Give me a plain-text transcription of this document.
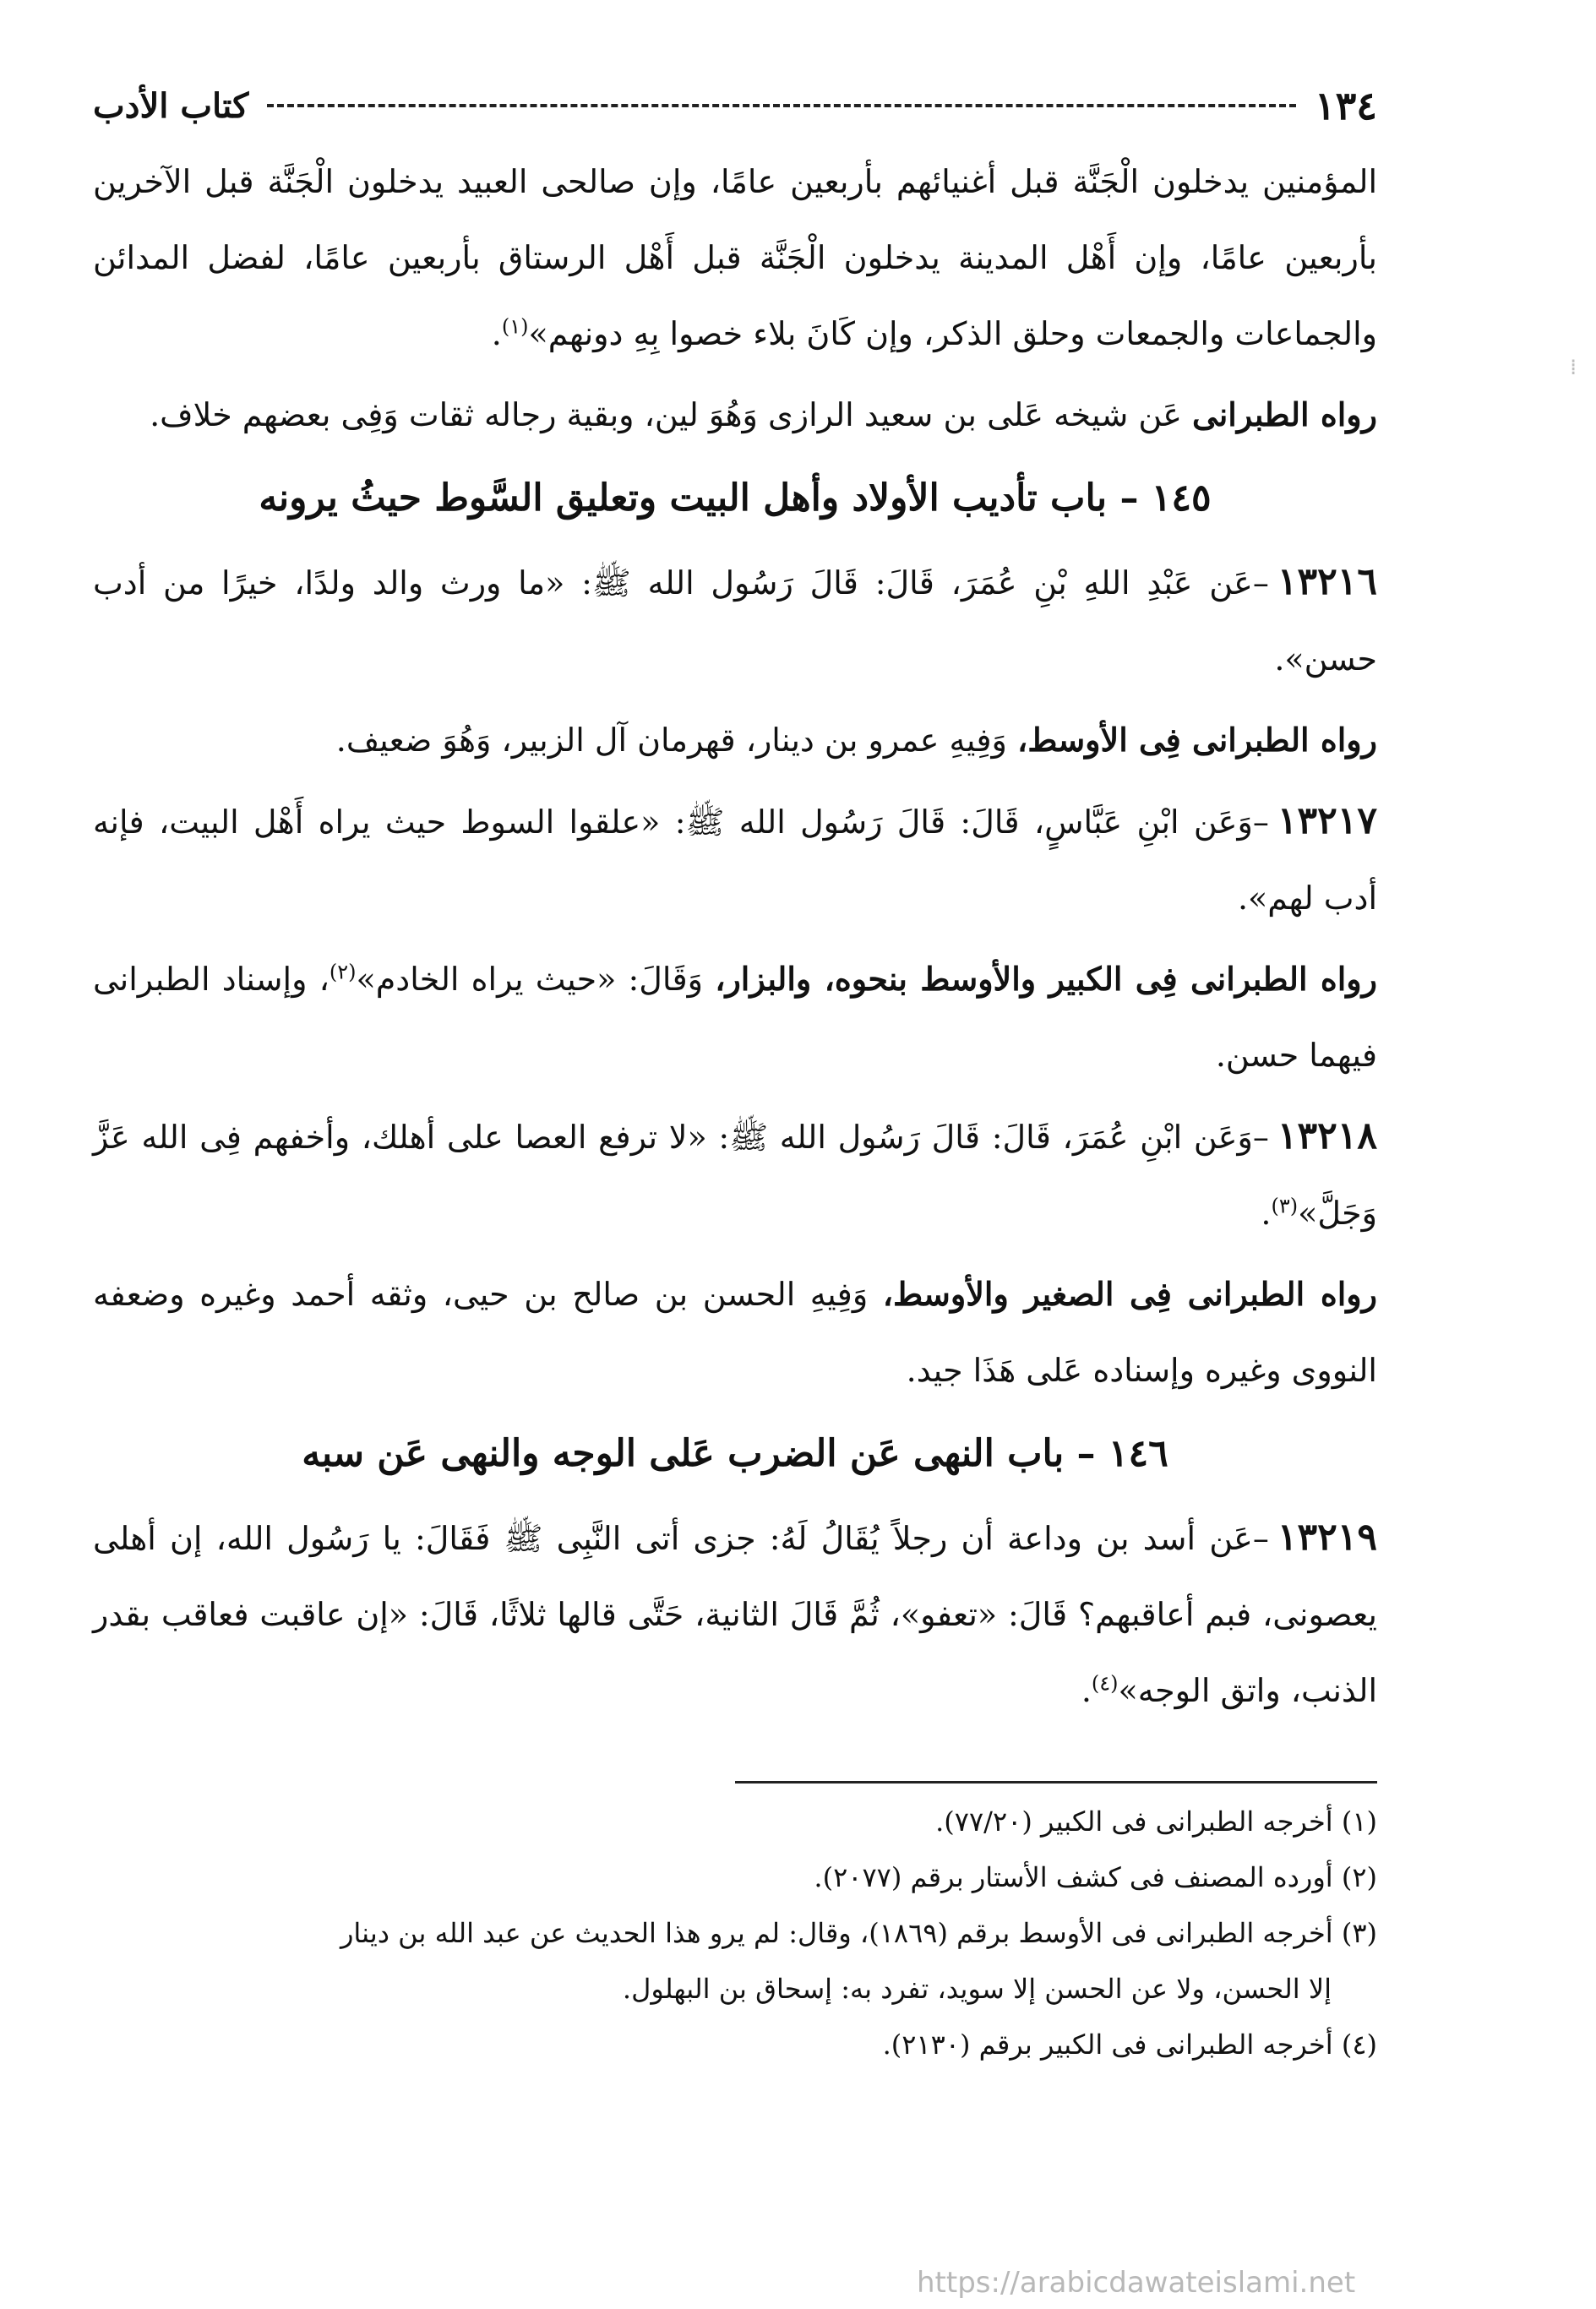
١٣٤
كتاب الأدب

المؤمنين يدخلون الْجَنَّة قبل أغنيائهم بأربعين عامًا، وإن صالحى العبيد يدخلون الْجَنَّة قبل الآخرين بأربعين عامًا، وإن أَهْل المدينة يدخلون الْجَنَّة قبل أَهْل الرستاق بأربعين عامًا، لفضل المدائن والجماعات والجمعات وحلق الذكر، وإن كَانَ بلاء خصوا بِهِ دونهم»$^{(١)}$.

رواه الطبرانى عَن شيخه عَلى بن سعيد الرازى وَهُوَ لين، وبقية رجاله ثقات وَفِى بعضهم خلاف.

١٤٥ – باب تأديب الأولاد وأهل البيت وتعليق السَّوط حيثُ يرونه

١٣٢١٦–عَن عَبْدِ اللهِ بْنِ عُمَرَ، قَالَ: قَالَ رَسُول الله ﷺ: «ما ورث والد ولدًا، خيرًا من أدب حسن».

رواه الطبرانى فِى الأوسط، وَفِيهِ عمرو بن دينار، قهرمان آل الزبير، وَهُوَ ضعيف.

١٣٢١٧–وَعَن ابْنِ عَبَّاسٍ، قَالَ: قَالَ رَسُول الله ﷺ: «علقوا السوط حيث يراه أَهْل البيت، فإنه أدب لهم».

رواه الطبرانى فِى الكبير والأوسط بنحوه، والبزار، وَقَالَ: «حيث يراه الخادم»$^{(٢)}$، وإسناد الطبرانى فيهما حسن.

١٣٢١٨–وَعَن ابْنِ عُمَرَ، قَالَ: قَالَ رَسُول الله ﷺ: «لا ترفع العصا على أهلك، وأخفهم فِى الله عَزَّ وَجَلَّ»$^{(٣)}$.

رواه الطبرانى فِى الصغير والأوسط، وَفِيهِ الحسن بن صالح بن حيى، وثقه أحمد وغيره وضعفه النووى وغيره وإسناده عَلى هَذَا جيد.

١٤٦ – باب النهى عَن الضرب عَلى الوجه والنهى عَن سبه

١٣٢١٩–عَن أسد بن وداعة أن رجلاً يُقَالُ لَهُ: جزى أتى النَّبِى ﷺ فَقَالَ: يا رَسُول الله، إن أهلى يعصونى، فبم أعاقبهم؟ قَالَ: «تعفو»، ثُمَّ قَالَ الثانية، حَتَّى قالها ثلاثًا، قَالَ: «إن عاقبت فعاقب بقدر الذنب، واتق الوجه»$^{(٤)}$.

(١) أخرجه الطبرانى فى الكبير (٧٧/٢٠).

(٢) أورده المصنف فى كشف الأستار برقم (٢٠٧٧).

(٣) أخرجه الطبرانى فى الأوسط برقم (١٨٦٩)، وقال: لم يرو هذا الحديث عن عبد الله بن دينار
إلا الحسن، ولا عن الحسن إلا سويد، تفرد به: إسحاق بن البهلول.

(٤) أخرجه الطبرانى فى الكبير برقم (٢١٣٠).

⁞
https://arabicdawateislami.net
